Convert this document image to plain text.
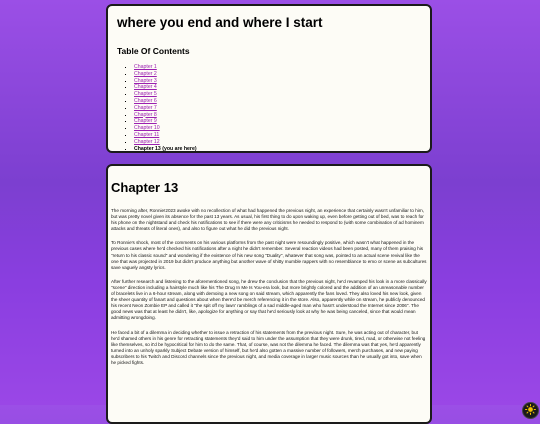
where you end and where I start
Table Of Contents
▪ Chapter 1
▪ Chapter 2
▪ Chapter 3
▪ Chapter 4
▪ Chapter 5
▪ Chapter 6
▪ Chapter 7
▪ Chapter 8
▪ Chapter 9
▪ Chapter 10
▪ Chapter 11
▪ Chapter 12
▪ Chapter 13 (you are here)
Chapter 13

The morning after, Ronnie!2023 awoke with no recollection of what had happened the previous night, an experience that certainly wasn't unfamiliar to him, but was pretty novel given its absence for the past 13 years. As usual, his first thing to do upon waking up, even before getting out of bed, was to reach for his phone on the nightstand and check his notifications to see if there were any criticisms he needed to respond to (with some combination of ad hominem attacks and threats of literal ones), and also to figure out what he did the previous night.

To Ronnie's shock, most of the comments on his various platforms from the past night were resoundingly positive, which wasn't what happened in the previous cases where he'd checked his notifications after a night he didn't remember. Several reaction videos had been posted, many of them praising his "return to his classic sound" and wondering if the existence of his new song "Duality", whatever that song was, pointed to an actual scene revival like the one that was projected in 2019 but didn't produce anything but another wave of shitty mumble rappers with no resemblance to emo or scene as subcultures save vaguely angsty lyrics.

After further research and listening to the aforementioned song, he drew the conclusion that the previous night, he'd revamped his look in a more classically "scene" direction including a hairstyle much like his The Drug In Me Is You-era look, but more brightly colored and the addition of an unreasonable number of bracelets live in a 6-hour stream, along with demoing a new song on said stream, which apparently the fans loved. They also loved his new look, given the sheer quantity of fanart and questions about when there'd be merch referencing it in the store. Also, apparently while on stream, he publicly denounced his recent Neon Zombie EP and called it "the spit off my lawn' ramblings of a sad middle-aged man who hasn't understood the Internet since 2006". The good news was that at least he didn't, like, apologize for anything or say that he'd seriously look at why he was being canceled, since that would mean admitting wrongdoing.

He faced a bit of a dilemma in deciding whether to issue a retraction of his statements from the previous night. Sure, he was acting out of character, but he'd shamed others in his genre for retracting statements they'd said to him under the assumption that they were drunk, tired, mad, or otherwise not feeling like themselves, so it'd be hypocritical for him to do the same. That, of course, was not the dilemma he faced. The dilemma was that yes, he'd apparently turned into an unholy sparkly Subject Debate version of himself, but he'd also gotten a massive number of followers, merch purchases, and new paying subscribers to his Twitch and Discord channels since the previous night, and media coverage in larger music sources than he usually got into, save when he picked fights.
